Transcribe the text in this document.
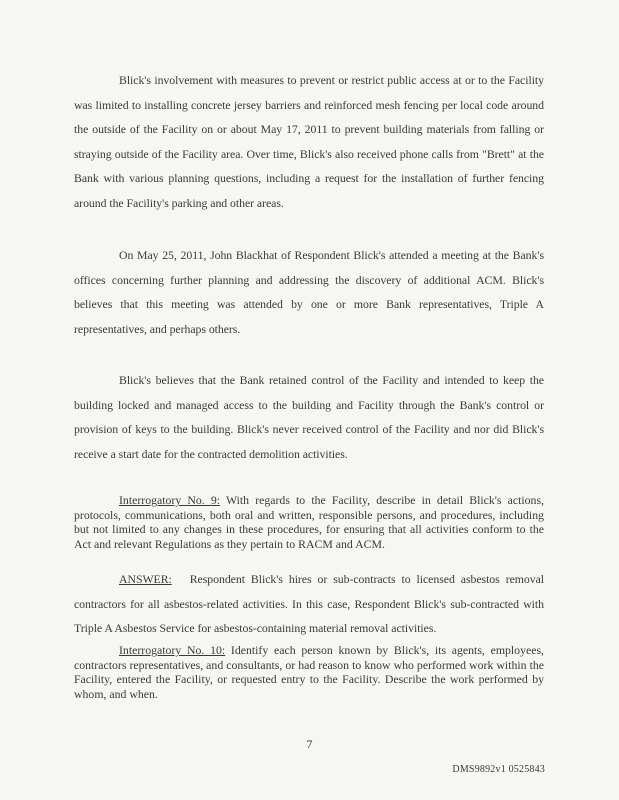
Blick's involvement with measures to prevent or restrict public access at or to the Facility was limited to installing concrete jersey barriers and reinforced mesh fencing per local code around the outside of the Facility on or about May 17, 2011 to prevent building materials from falling or straying outside of the Facility area. Over time, Blick's also received phone calls from "Brett" at the Bank with various planning questions, including a request for the installation of further fencing around the Facility's parking and other areas.

On May 25, 2011, John Blackhat of Respondent Blick's attended a meeting at the Bank's offices concerning further planning and addressing the discovery of additional ACM. Blick's believes that this meeting was attended by one or more Bank representatives, Triple A representatives, and perhaps others.

Blick's believes that the Bank retained control of the Facility and intended to keep the building locked and managed access to the building and Facility through the Bank's control or provision of keys to the building. Blick's never received control of the Facility and nor did Blick's receive a start date for the contracted demolition activities.

Interrogatory No. 9: With regards to the Facility, describe in detail Blick's actions, protocols, communications, both oral and written, responsible persons, and procedures, including but not limited to any changes in these procedures, for ensuring that all activities conform to the Act and relevant Regulations as they pertain to RACM and ACM.

ANSWER: Respondent Blick's hires or sub-contracts to licensed asbestos removal contractors for all asbestos-related activities. In this case, Respondent Blick's sub-contracted with Triple A Asbestos Service for asbestos-containing material removal activities.

Interrogatory No. 10: Identify each person known by Blick's, its agents, employees, contractors representatives, and consultants, or had reason to know who performed work within the Facility, entered the Facility, or requested entry to the Facility. Describe the work performed by whom, and when.

7

DMS9892v1 0525843
